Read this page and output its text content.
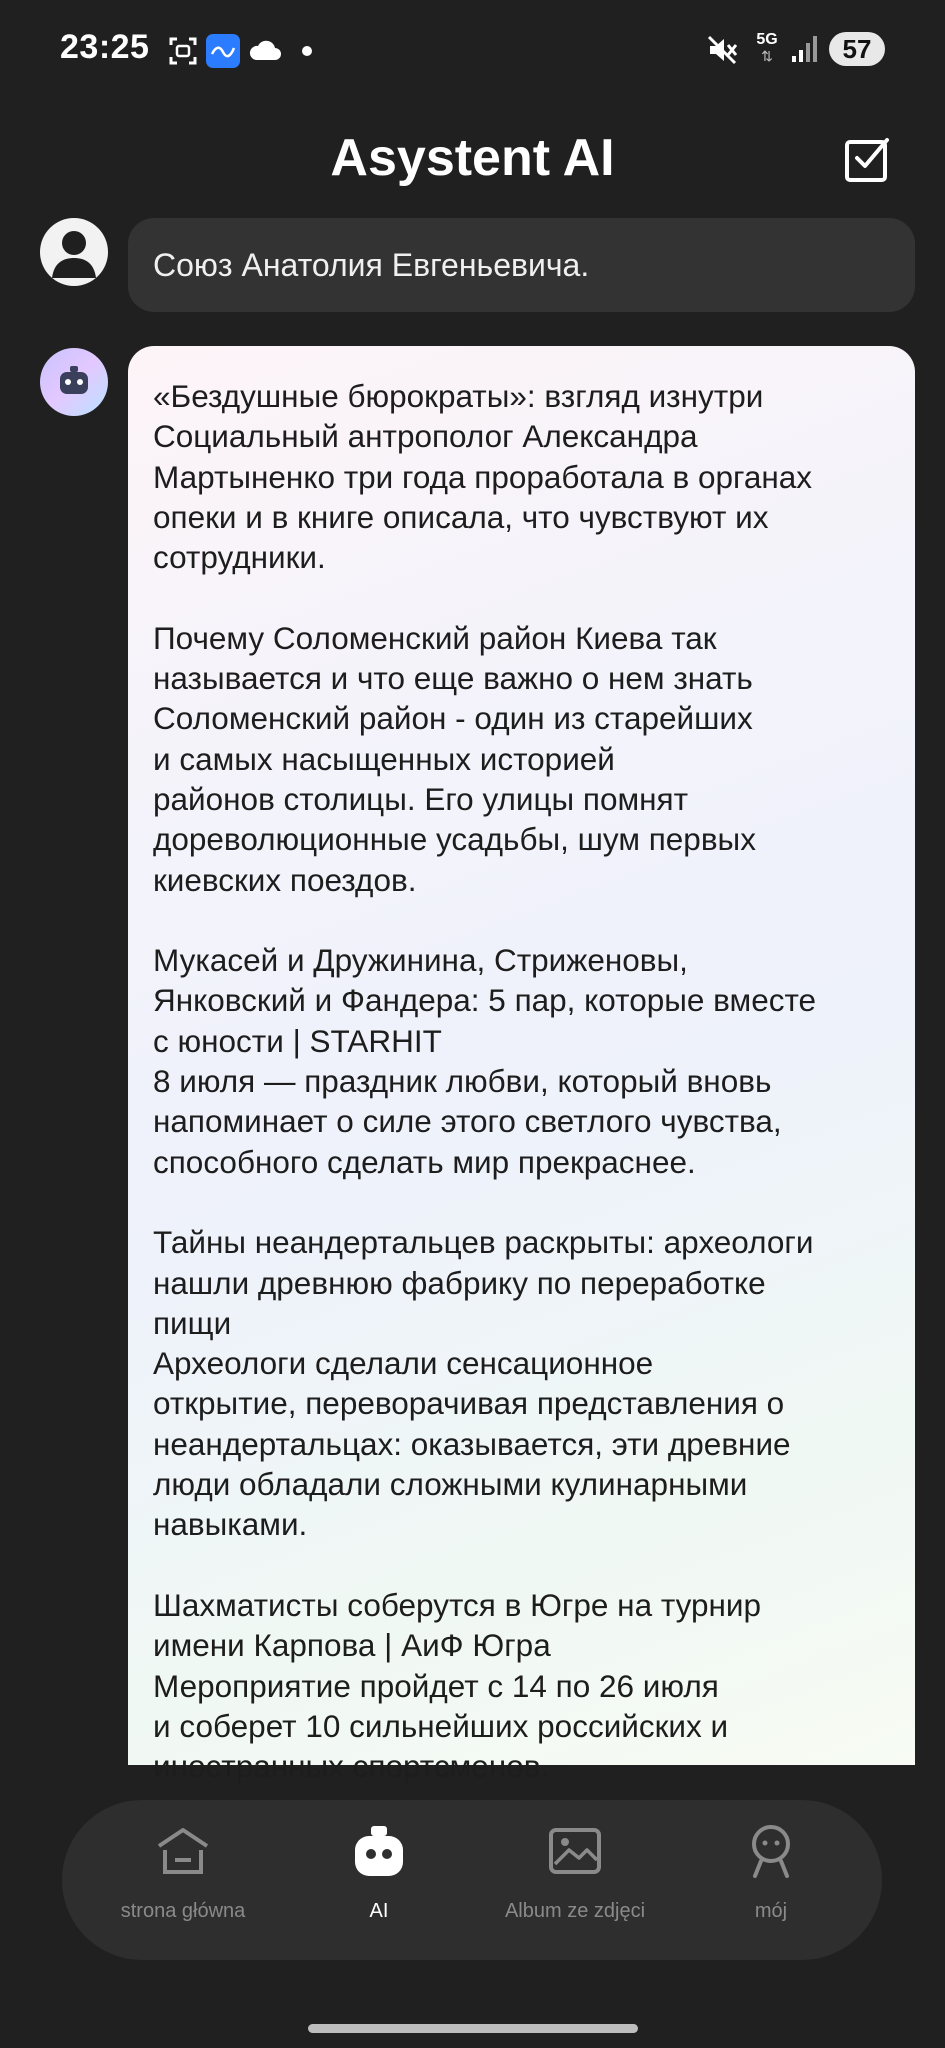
23:25	5G
⇅	57
Asystent AI
Союз Анатолия Евгеньевича.

«Бездушные бюрократы»: взгляд изнутри
Социальный антрополог Александра
Мартыненко три года проработала в органах
опеки и в книге описала, что чувствуют их
сотрудники.

Почему Соломенский район Киева так
называется и что еще важно о нем знать
Соломенский район - один из старейших
и самых насыщенных историей
районов столицы. Его улицы помнят
дореволюционные усадьбы, шум первых
киевских поездов.

Мукасей и Дружинина, Стриженовы,
Янковский и Фандера: 5 пар, которые вместе
с юности | STARHIT
8 июля — праздник любви, который вновь
напоминает о силе этого светлого чувства,
способного сделать мир прекраснее.

Тайны неандертальцев раскрыты: археологи
нашли древнюю фабрику по переработке
пищи
Археологи сделали сенсационное
открытие, переворачивая представления о
неандертальцах: оказывается, эти древние
люди обладали сложными кулинарными
навыками.

Шахматисты соберутся в Югре на турнир
имени Карпова | АиФ Югра
Мероприятие пройдет с 14 по 26 июля
и соберет 10 сильнейших российских и
иностранных спортсменов.

strona główna	AI	Album ze zdjęci	mój
